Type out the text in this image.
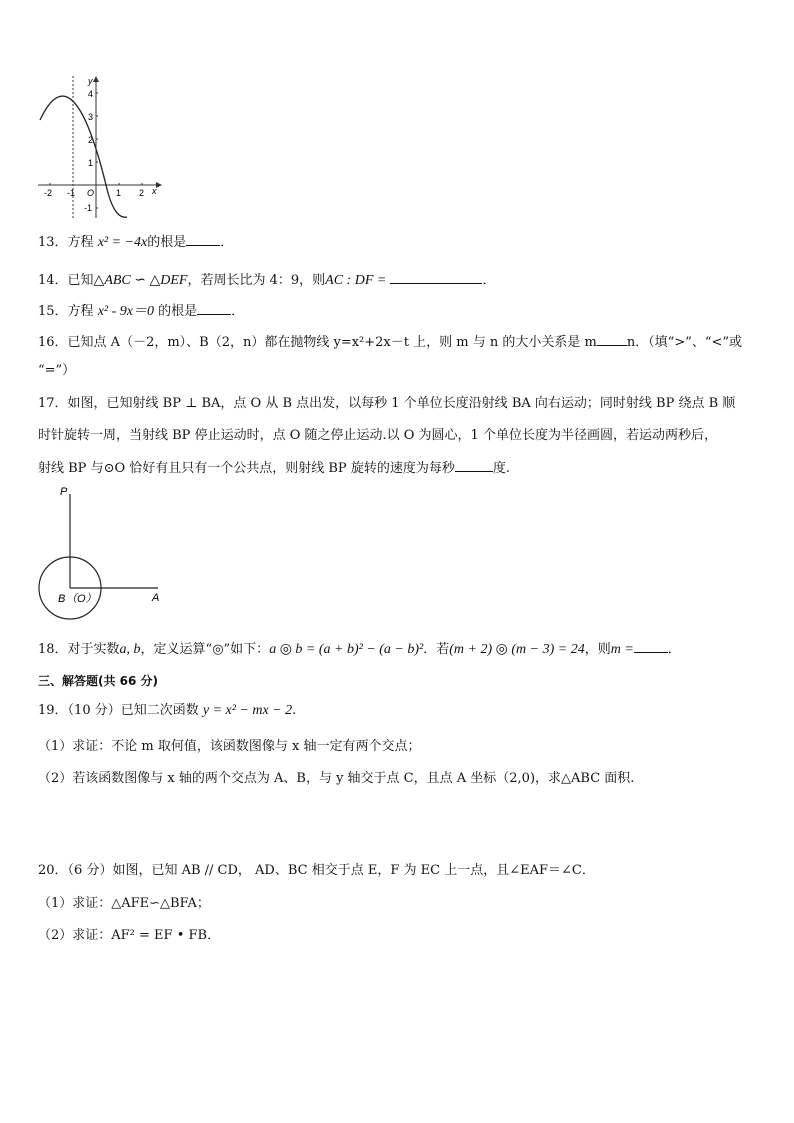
y
x
O
-2 -1	1 2
4
3
2
1
-1
13．方程 x² = −4x的根是	．
14．已知△ABC ∽ △DEF，若周长比为 4：9，则AC : DF =	．
15．方程 x² - 9x＝0 的根是	．
16．已知点 A（－2，m）、B（2，n）都在抛物线 y=x²+2x－t 上，则 m 与 n 的大小关系是 m n．（填“>”、“<”或
“=”）
17．如图，已知射线 BP ⊥ BA，点 O 从 B 点出发，以每秒 1 个单位长度沿射线 BA 向右运动；同时射线 BP 绕点 B 顺
时针旋转一周，当射线 BP 停止运动时，点 O 随之停止运动.以 O 为圆心，1 个单位长度为半径画圆，若运动两秒后，
射线 BP 与⊙O 恰好有且只有一个公共点，则射线 BP 旋转的速度为每秒	度.
P
B （O）	A
18．对于实数a, b，定义运算“◎”如下：a ◎ b = (a + b)² − (a − b)²．若(m + 2) ◎ (m − 3) = 24，则m =	．
三、解答题(共 66 分)
19．（10 分）已知二次函数 y = x² − mx − 2.
（1）求证：不论 m 取何值，该函数图像与 x 轴一定有两个交点；
（2）若该函数图像与 x 轴的两个交点为 A、B，与 y 轴交于点 C，且点 A 坐标（2,0)，求△ABC 面积.
20．（6 分）如图，已知 AB // CD， AD、BC 相交于点 E，F 为 EC 上一点，且∠EAF＝∠C．
（1）求证：△AFE∽△BFA；
（2）求证：AF² = EF • FB．
